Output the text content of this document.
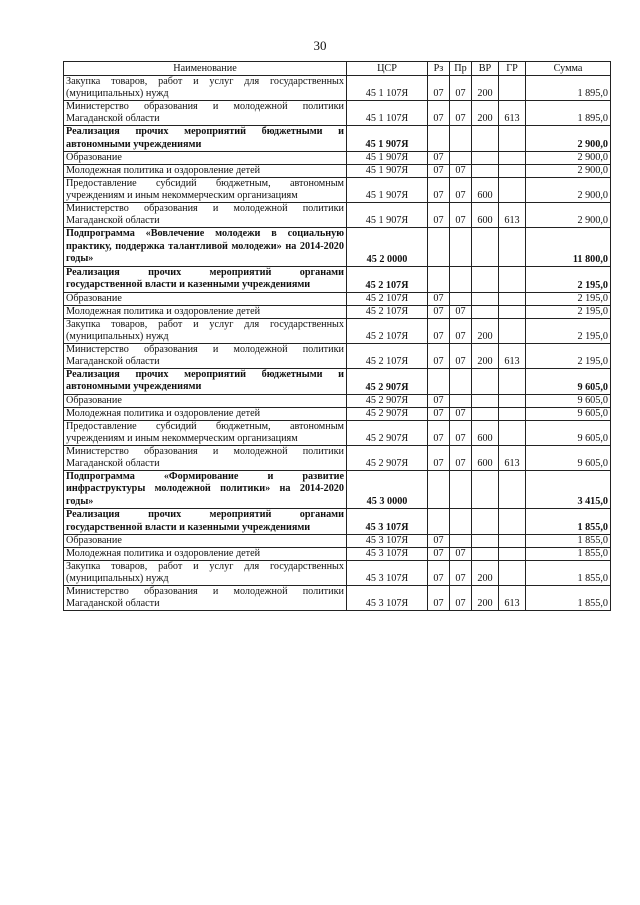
30
Наименование	ЦСР	Рз	Пр	ВР	ГР	Сумма
Закупка товаров, работ и услуг для государственных (муниципальных) нужд	45 1 107Я	07	07	200		1 895,0
Министерство образования и молодежной политики Магаданской области	45 1 107Я	07	07	200	613	1 895,0
Реализация прочих мероприятий бюджетными и автономными учреждениями	45 1 907Я					2 900,0
Образование	45 1 907Я	07				2 900,0
Молодежная политика и оздоровление детей	45 1 907Я	07	07			2 900,0
Предоставление субсидий бюджетным, автономным учреждениям и иным некоммерческим организациям	45 1 907Я	07	07	600		2 900,0
Министерство образования и молодежной политики Магаданской области	45 1 907Я	07	07	600	613	2 900,0
Подпрограмма «Вовлечение молодежи в социальную практику, поддержка талантливой молодежи» на 2014-2020 годы»	45 2 0000					11 800,0
Реализация прочих мероприятий органами государственной власти и казенными учреждениями	45 2 107Я					2 195,0
Образование	45 2 107Я	07				2 195,0
Молодежная политика и оздоровление детей	45 2 107Я	07	07			2 195,0
Закупка товаров, работ и услуг для государственных (муниципальных) нужд	45 2 107Я	07	07	200		2 195,0
Министерство образования и молодежной политики Магаданской области	45 2 107Я	07	07	200	613	2 195,0
Реализация прочих мероприятий бюджетными и автономными учреждениями	45 2 907Я					9 605,0
Образование	45 2 907Я	07				9 605,0
Молодежная политика и оздоровление детей	45 2 907Я	07	07			9 605,0
Предоставление субсидий бюджетным, автономным учреждениям и иным некоммерческим организациям	45 2 907Я	07	07	600		9 605,0
Министерство образования и молодежной политики Магаданской области	45 2 907Я	07	07	600	613	9 605,0
Подпрограмма «Формирование и развитие инфраструктуры молодежной политики» на 2014-2020 годы»	45 3 0000					3 415,0
Реализация прочих мероприятий органами государственной власти и казенными учреждениями	45 3 107Я					1 855,0
Образование	45 3 107Я	07				1 855,0
Молодежная политика и оздоровление детей	45 3 107Я	07	07			1 855,0
Закупка товаров, работ и услуг для государственных (муниципальных) нужд	45 3 107Я	07	07	200		1 855,0
Министерство образования и молодежной политики Магаданской области	45 3 107Я	07	07	200	613	1 855,0
